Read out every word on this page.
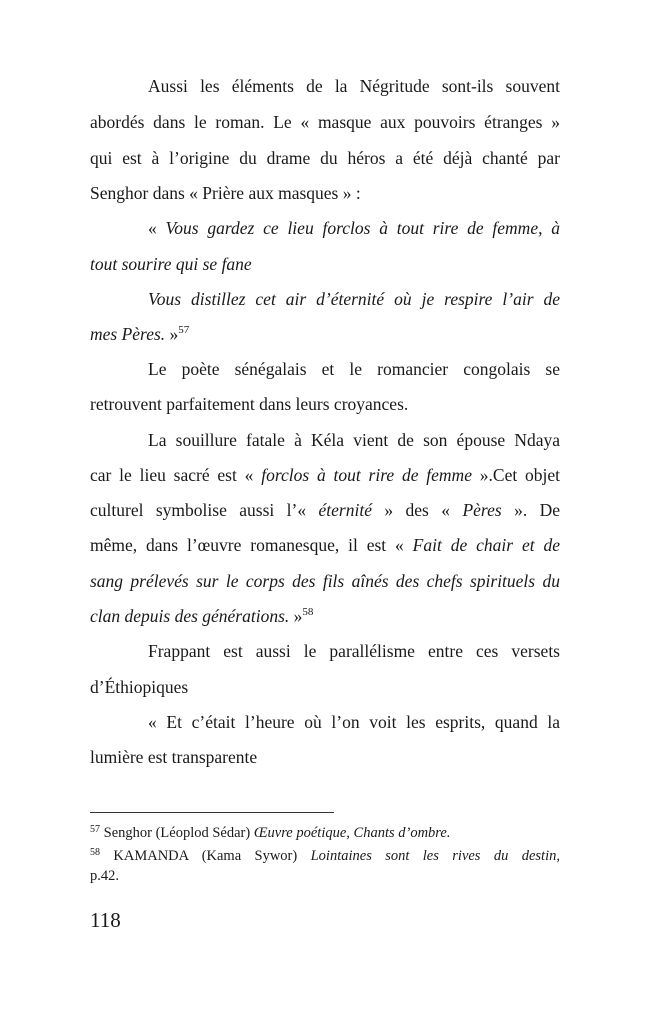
Aussi les éléments de la Négritude sont-ils souvent
abordés dans le roman. Le « masque aux pouvoirs étranges »
qui est à l’origine du drame du héros a été déjà chanté par
Senghor dans « Prière aux masques » :
« Vous gardez ce lieu forclos à tout rire de femme, à
tout sourire qui se fane
Vous distillez cet air d’éternité où je respire l’air de
mes Pères. »$^{57}$
Le poète sénégalais et le romancier congolais se
retrouvent parfaitement dans leurs croyances.
La souillure fatale à Kéla vient de son épouse Ndaya
car le lieu sacré est « forclos à tout rire de femme ».Cet objet
culturel symbolise aussi l’« éternité » des « Pères ». De
même, dans l’œuvre romanesque, il est « Fait de chair et de
sang prélevés sur le corps des fils aînés des chefs spirituels du
clan depuis des générations. »$^{58}$
Frappant est aussi le parallélisme entre ces versets
d’Éthiopiques
« Et c’était l’heure où l’on voit les esprits, quand la
lumière est transparente
$^{57}$ Senghor (Léoplod Sédar) Œuvre poétique, Chants d’ombre.
$^{58}$ KAMANDA (Kama Sywor) Lointaines sont les rives du destin,
p.42.
118
